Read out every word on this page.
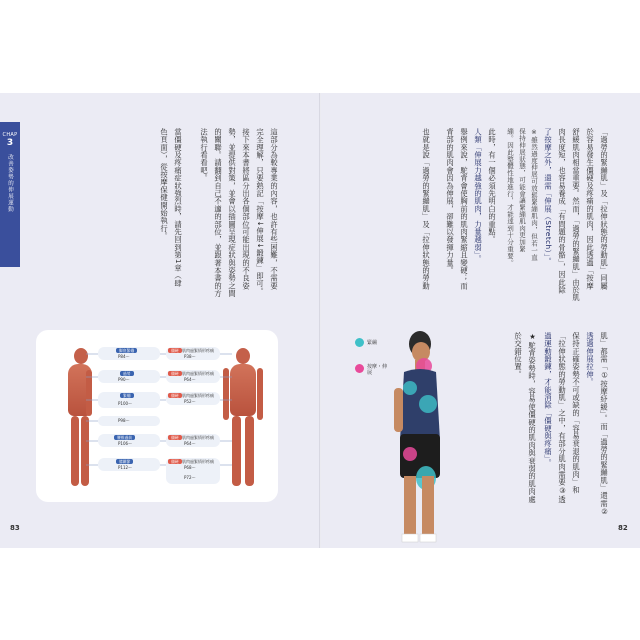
CHAP
3
改善姿勢的伸展運動	這部分為較專業的內容，也許有些困難，不需要
完全理解，只要熟記「按摩↓伸展↓鍛鍊」即可。
接下來本書將區分出各個部位可能出現的不良姿
勢，並提供對策，並會以插圖呈現症狀與姿勢之間
的關聯。請翻到自己不適的部位，並跟著本書的方
法執行看看吧。
當僵硬及疼痛症狀強烈時，請先回到第1章（肆
色頁面），從按摩保健開始執行。
脚底緊繃
P84～
過勞
P90～
緊繃
P100～
P98～
腰椎過前
P106～
膝關節
P112～
僵硬 肌肉過緊情形疼痛
P38～
僵硬 肌肉過緊情形疼痛
P64～
僵硬 肌肉過緊情形疼痛
P52～
僵硬 肌肉過緊情形疼痛
P64～
僵硬 肌肉過緊情形疼痛
P68～
P72～
83
「過勞的緊繃肌」及「拉伸狀態的勞動肌」同屬
於容易發生僵硬及疼痛的肌肉，因此透過「按摩
舒緩肌肉相當重要。然而，「過勞的緊繃肌」由於肌
肉長度短，也容易養成「有問題的骨骼」，因此除
了按摩之外，還需「伸展（Stretch）」。
※雖然過度伸展可放鬆緊繃肌肉，但若一直
保持伸展狀態，可能會讓緊繃肌肉更加緊
繃。因此整體性地進行，才能達到十分重要。
此時，有一個必須先明白的重點。
人類「伸展力越強的肌肉，力量越弱」。
舉例來說，駝背會使胸前的肌肉緊縮且變硬；而
背部的肌肉會因為伸展，卻難以發揮力量。
也就是說「過勞的緊繃肌」及「拉伸狀態的勞動
肌」都需「①按摩紓緩」。而「過勞的緊繃肌」還需②
透過伸展拉伸。
保持正確姿勢不可或缺的「容易衰退的肌肉」和
「拉伸狀態的勞動肌」之中，有部分肌肉需要③透
過運動鍛鍊，才能消除「僵硬與疼痛」。
★駝背姿勢時，容易使僵硬的肌肉與衰弱的肌肉處
於交錯位置。
緊繃
按摩・伸展
82
